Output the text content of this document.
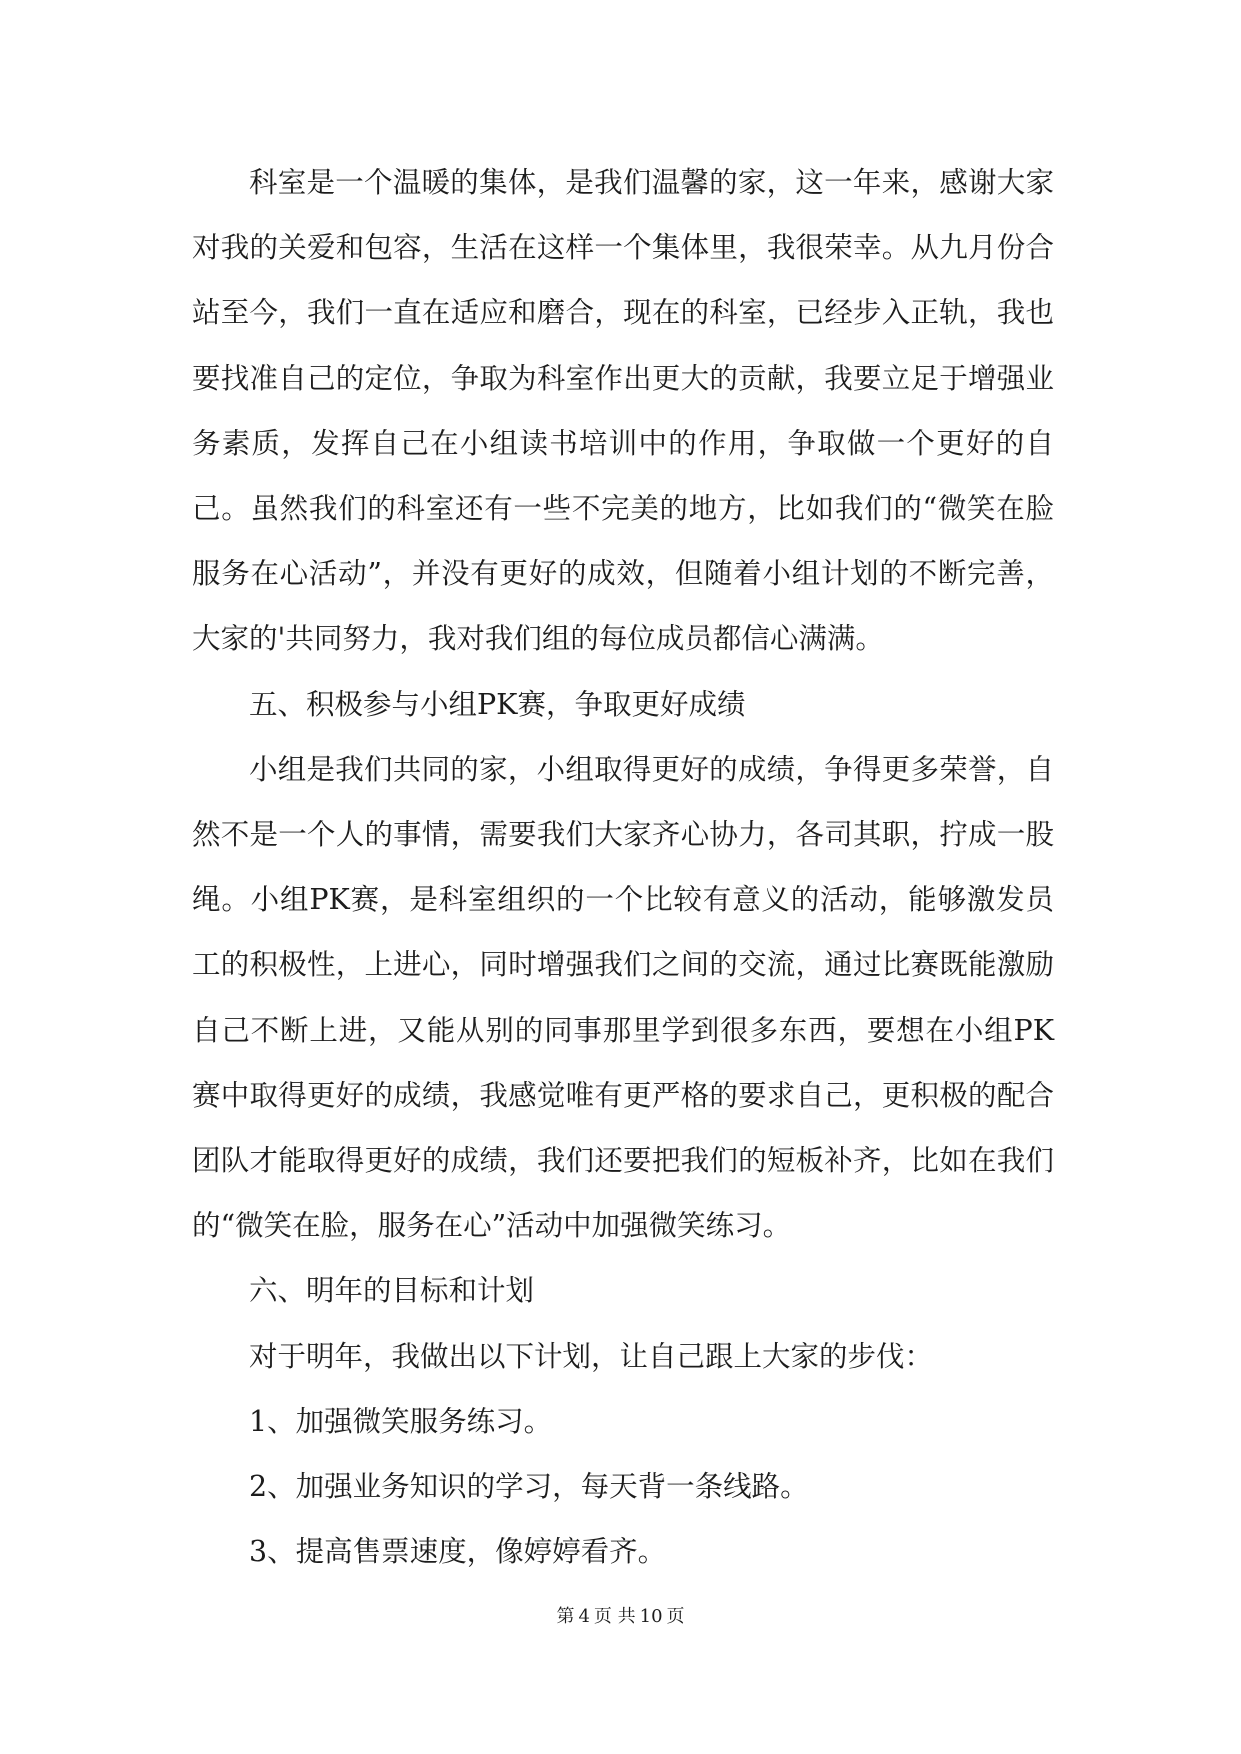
科室是一个温暖的集体，是我们温馨的家，这一年来，感谢大家对我的关爱和包容，生活在这样一个集体里，我很荣幸。从九月份合站至今，我们一直在适应和磨合，现在的科室，已经步入正轨，我也要找准自己的定位，争取为科室作出更大的贡献，我要立足于增强业务素质，发挥自己在小组读书培训中的作用，争取做一个更好的自己。虽然我们的科室还有一些不完美的地方，比如我们的“微笑在脸服务在心活动”，并没有更好的成效，但随着小组计划的不断完善，大家的'共同努力，我对我们组的每位成员都信心满满。

五、积极参与小组PK赛，争取更好成绩

小组是我们共同的家，小组取得更好的成绩，争得更多荣誉，自然不是一个人的事情，需要我们大家齐心协力，各司其职，拧成一股绳。小组PK赛，是科室组织的一个比较有意义的活动，能够激发员工的积极性，上进心，同时增强我们之间的交流，通过比赛既能激励自己不断上进，又能从别的同事那里学到很多东西，要想在小组PK赛中取得更好的成绩，我感觉唯有更严格的要求自己，更积极的配合团队才能取得更好的成绩，我们还要把我们的短板补齐，比如在我们的“微笑在脸，服务在心”活动中加强微笑练习。

六、明年的目标和计划

对于明年，我做出以下计划，让自己跟上大家的步伐：

1、加强微笑服务练习。

2、加强业务知识的学习，每天背一条线路。

3、提高售票速度，像婷婷看齐。

第 4 页 共 10 页
